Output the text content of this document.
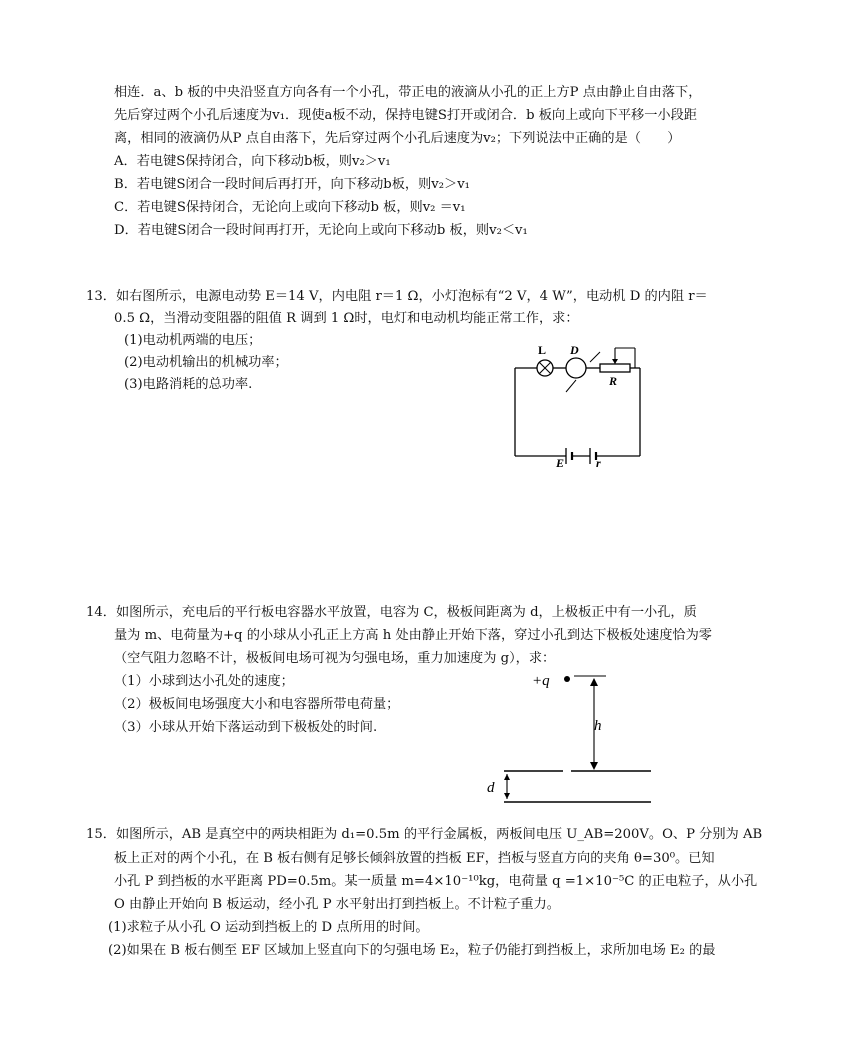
相连．a、b 板的中央沿竖直方向各有一个小孔，带正电的液滴从小孔的正上方P 点由静止自由落下，
先后穿过两个小孔后速度为v₁．现使a板不动，保持电键S打开或闭合．b 板向上或向下平移一小段距
离，相同的液滴仍从P 点自由落下，先后穿过两个小孔后速度为v₂；下列说法中正确的是（　　）
A．若电键S保持闭合，向下移动b板，则v₂＞v₁
B．若电键S闭合一段时间后再打开，向下移动b板，则v₂＞v₁
C．若电键S保持闭合，无论向上或向下移动b 板，则v₂ ＝v₁
D．若电键S闭合一段时间再打开，无论向上或向下移动b 板，则v₂＜v₁
13．如右图所示，电源电动势 E＝14 V，内电阻 r＝1 Ω，小灯泡标有“2 V，4 W”，电动机 D 的内阻 r＝
0.5 Ω，当滑动变阻器的阻值 R 调到 1 Ω时，电灯和电动机均能正常工作，求：
(1)电动机两端的电压；
(2)电动机输出的机械功率；
(3)电路消耗的总功率.
L D
R
E	r
14．如图所示，充电后的平行板电容器水平放置，电容为 C，极板间距离为 d，上极板正中有一小孔，质
量为 m、电荷量为+q 的小球从小孔正上方高 h 处由静止开始下落，穿过小孔到达下极板处速度恰为零
（空气阻力忽略不计，极板间电场可视为匀强电场，重力加速度为 g），求：
（1）小球到达小孔处的速度；
（2）极板间电场强度大小和电容器所带电荷量；
（3）小球从开始下落运动到下极板处的时间.
+q
h
d
15．如图所示，AB 是真空中的两块相距为 d₁=0.5m 的平行金属板，两板间电压 U_AB=200V。O、P 分别为 AB
板上正对的两个小孔，在 B 板右侧有足够长倾斜放置的挡板 EF，挡板与竖直方向的夹角 θ=30⁰。已知
小孔 P 到挡板的水平距离 PD=0.5m。某一质量 m=4×10⁻¹⁰kg，电荷量 q =1×10⁻⁵C 的正电粒子，从小孔
O 由静止开始向 B 板运动，经小孔 P 水平射出打到挡板上。不计粒子重力。
(1)求粒子从小孔 O 运动到挡板上的 D 点所用的时间。
(2)如果在 B 板右侧至 EF 区域加上竖直向下的匀强电场 E₂，粒子仍能打到挡板上，求所加电场 E₂ 的最
